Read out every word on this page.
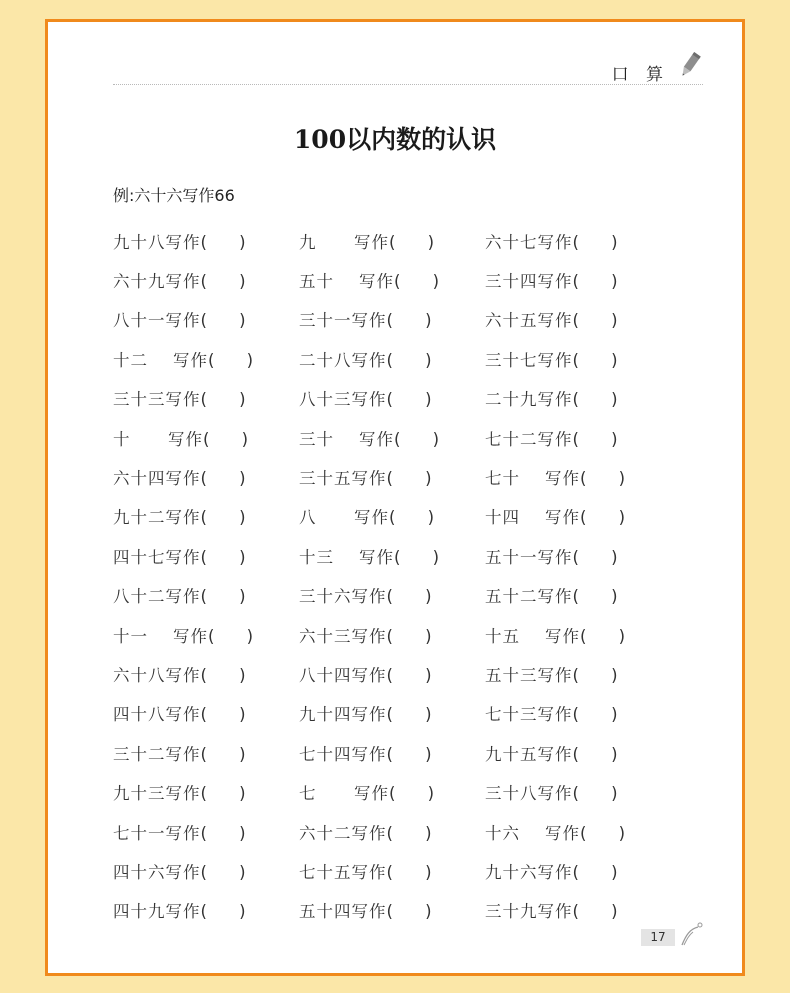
口 算
100以内数的认识
例:六十六写作66
九十八写作(     )	九      写作(     )	六十七写作(     )
六十九写作(     )	五十    写作(     )	三十四写作(     )
八十一写作(     )	三十一写作(     )	六十五写作(     )
十二    写作(     )	二十八写作(     )	三十七写作(     )
三十三写作(     )	八十三写作(     )	二十九写作(     )
十      写作(     )	三十    写作(     )	七十二写作(     )
六十四写作(     )	三十五写作(     )	七十    写作(     )
九十二写作(     )	八      写作(     )	十四    写作(     )
四十七写作(     )	十三    写作(     )	五十一写作(     )
八十二写作(     )	三十六写作(     )	五十二写作(     )
十一    写作(     )	六十三写作(     )	十五    写作(     )
六十八写作(     )	八十四写作(     )	五十三写作(     )
四十八写作(     )	九十四写作(     )	七十三写作(     )
三十二写作(     )	七十四写作(     )	九十五写作(     )
九十三写作(     )	七      写作(     )	三十八写作(     )
七十一写作(     )	六十二写作(     )	十六    写作(     )
四十六写作(     )	七十五写作(     )	九十六写作(     )
四十九写作(     )	五十四写作(     )	三十九写作(     )
17
